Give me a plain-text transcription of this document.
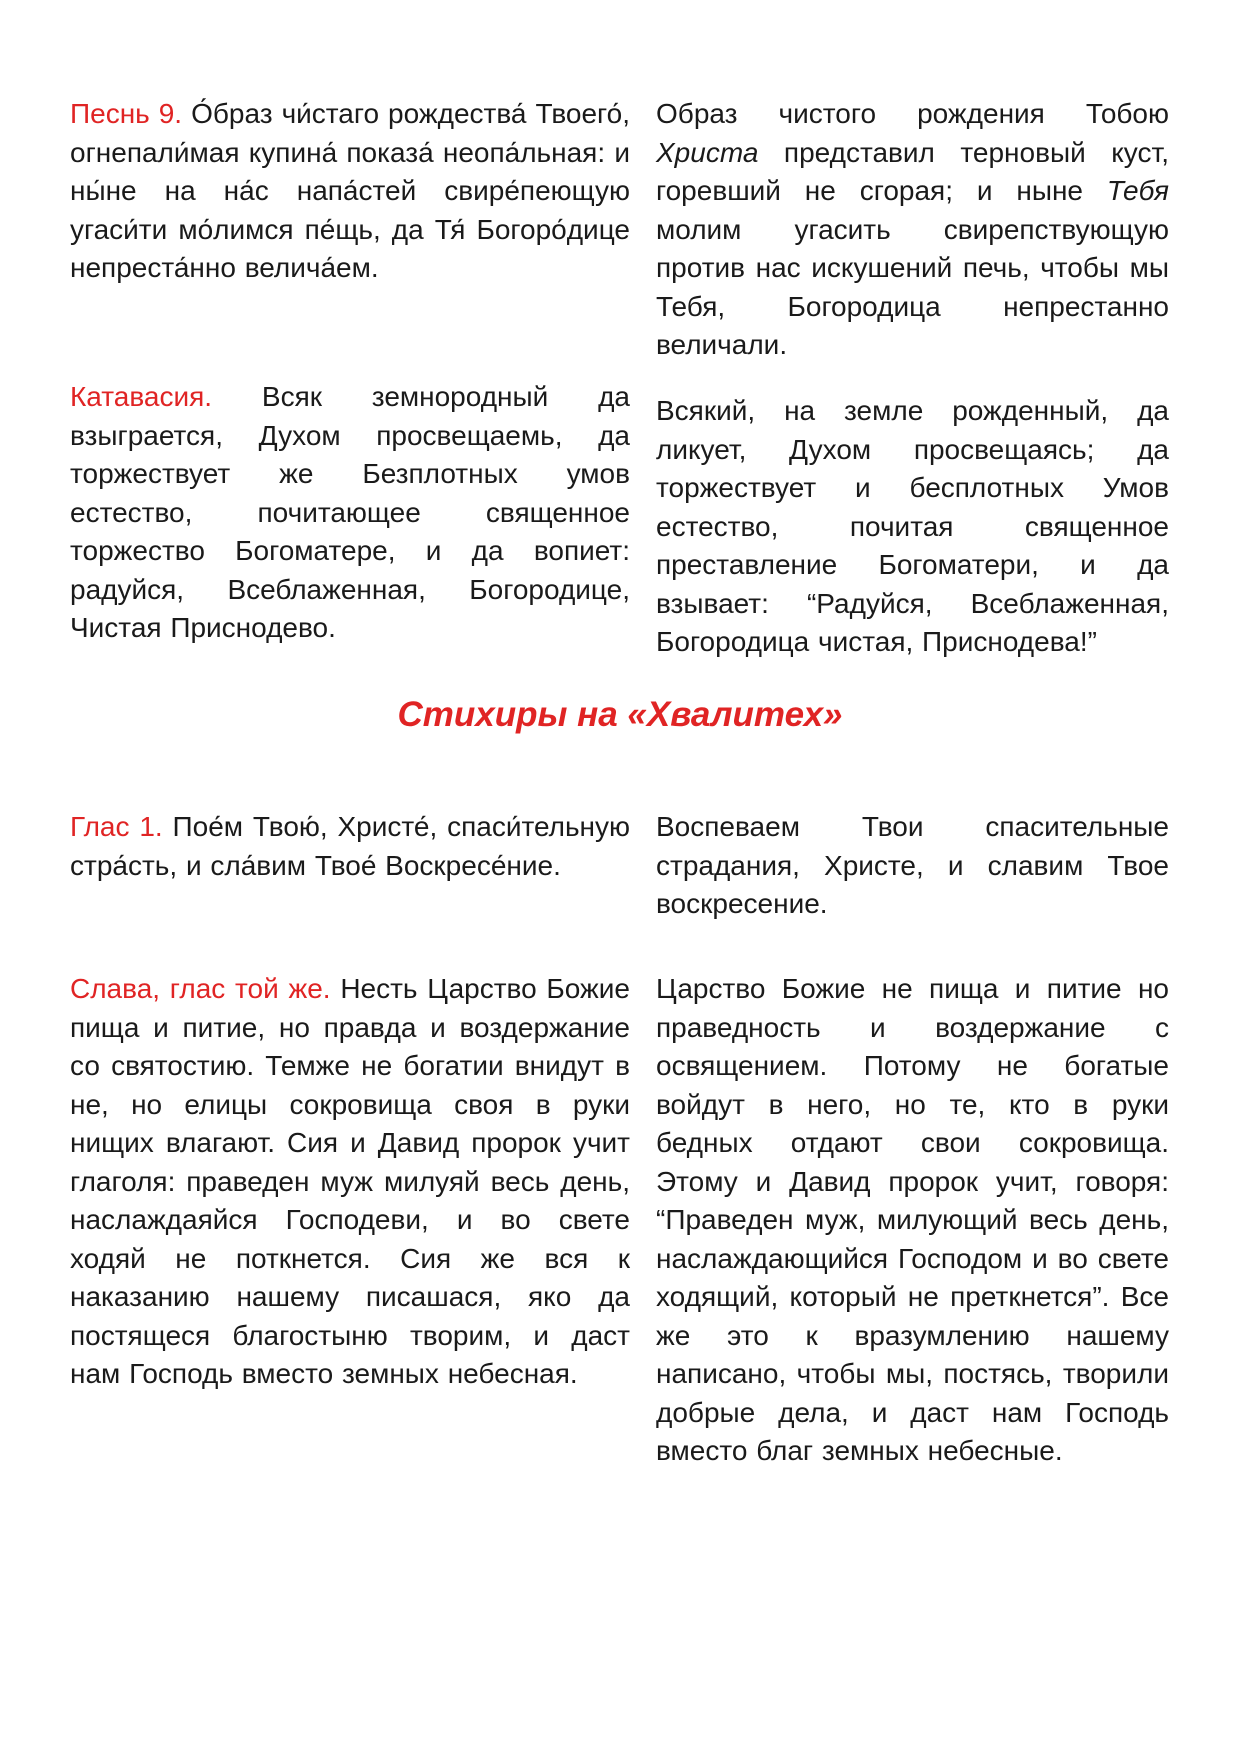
Песнь 9. О́браз чи́стаго рождества́ Твоего́, огнепали́мая купина́ показа́ неопа́льная: и ны́не на на́с напа́стей свире́пеющую угаси́ти мо́лимся пе́щь, да Тя́ Богоро́дице непреста́нно велича́ем.
Образ чистого рождения Тобою Христа представил терновый куст, горевший не сгорая; и ныне Тебя молим угасить свирепствующую против нас искушений печь, чтобы мы Тебя, Богородица непрестанно величали.
Катавасия. Всяк земнородный да взыграется, Духом просвещаемь, да торжествует же Безплотных умов естество, почитающее священное торжество Богоматере, и да вопиет: радуйся, Всеблаженная, Богородице, Чистая Приснодево.
Всякий, на земле рожденный, да ликует, Духом просвещаясь; да торжествует и бесплотных Умов естество, почитая священное преставление Богоматери, и да взывает: “Радуйся, Всеблаженная, Богородица чистая, Приснодева!”
Стихиры на «Хвалитех»
Глас 1. Пое́м Твою́, Христе́, спаси́тельную стра́сть, и сла́вим Твое́ Воскресе́ние.
Воспеваем Твои спасительные страдания, Христе, и славим Твое воскресение.
Слава, глас той же. Несть Царство Божие пища и питие, но правда и воздержание со святостию. Темже не богатии внидут в не, но елицы сокровища своя в руки нищих влагают. Сия и Давид пророк учит глаголя: праведен муж милуяй весь день, наслаждаяйся Господеви, и во свете ходяй не поткнется. Сия же вся к наказанию нашему писашася, яко да постящеся благостыню творим, и даст нам Господь вместо земных небесная.
Царство Божие не пища и питие но праведность и воздержание с освящением. Потому не богатые войдут в него, но те, кто в руки бедных отдают свои сокровища. Этому и Давид пророк учит, говоря: “Праведен муж, милующий весь день, наслаждающийся Господом и во свете ходящий, который не преткнется”. Все же это к вразумлению нашему написано, чтобы мы, постясь, творили добрые дела, и даст нам Господь вместо благ земных небесные.
